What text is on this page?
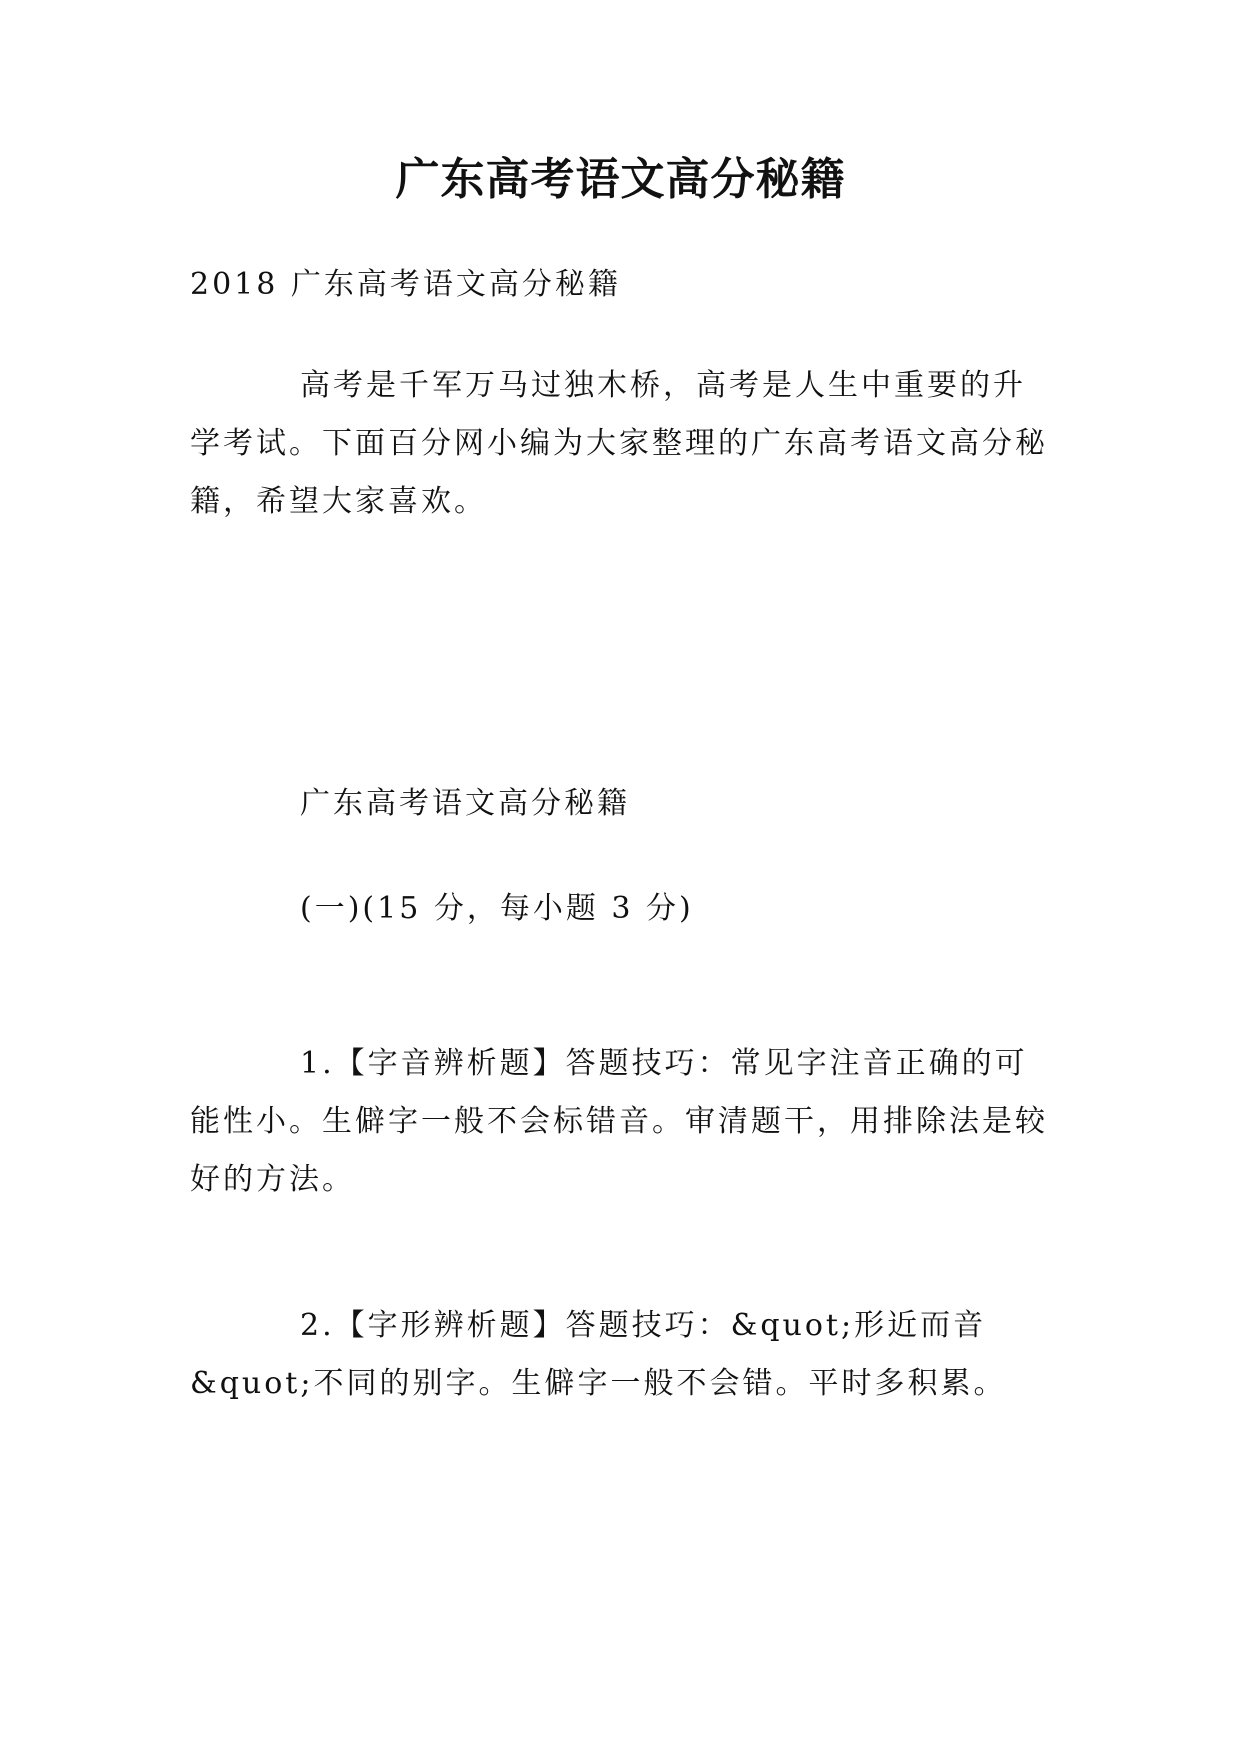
广东高考语文高分秘籍
2018 广东高考语文高分秘籍
高考是千军万马过独木桥，高考是人生中重要的升学考试。下面百分网小编为大家整理的广东高考语文高分秘籍，希望大家喜欢。
广东高考语文高分秘籍
(一)(15 分，每小题 3 分)
1.【字音辨析题】答题技巧：常见字注音正确的可能性小。生僻字一般不会标错音。审清题干，用排除法是较好的方法。
2.【字形辨析题】答题技巧：&quot;形近而音&quot;不同的别字。生僻字一般不会错。平时多积累。
